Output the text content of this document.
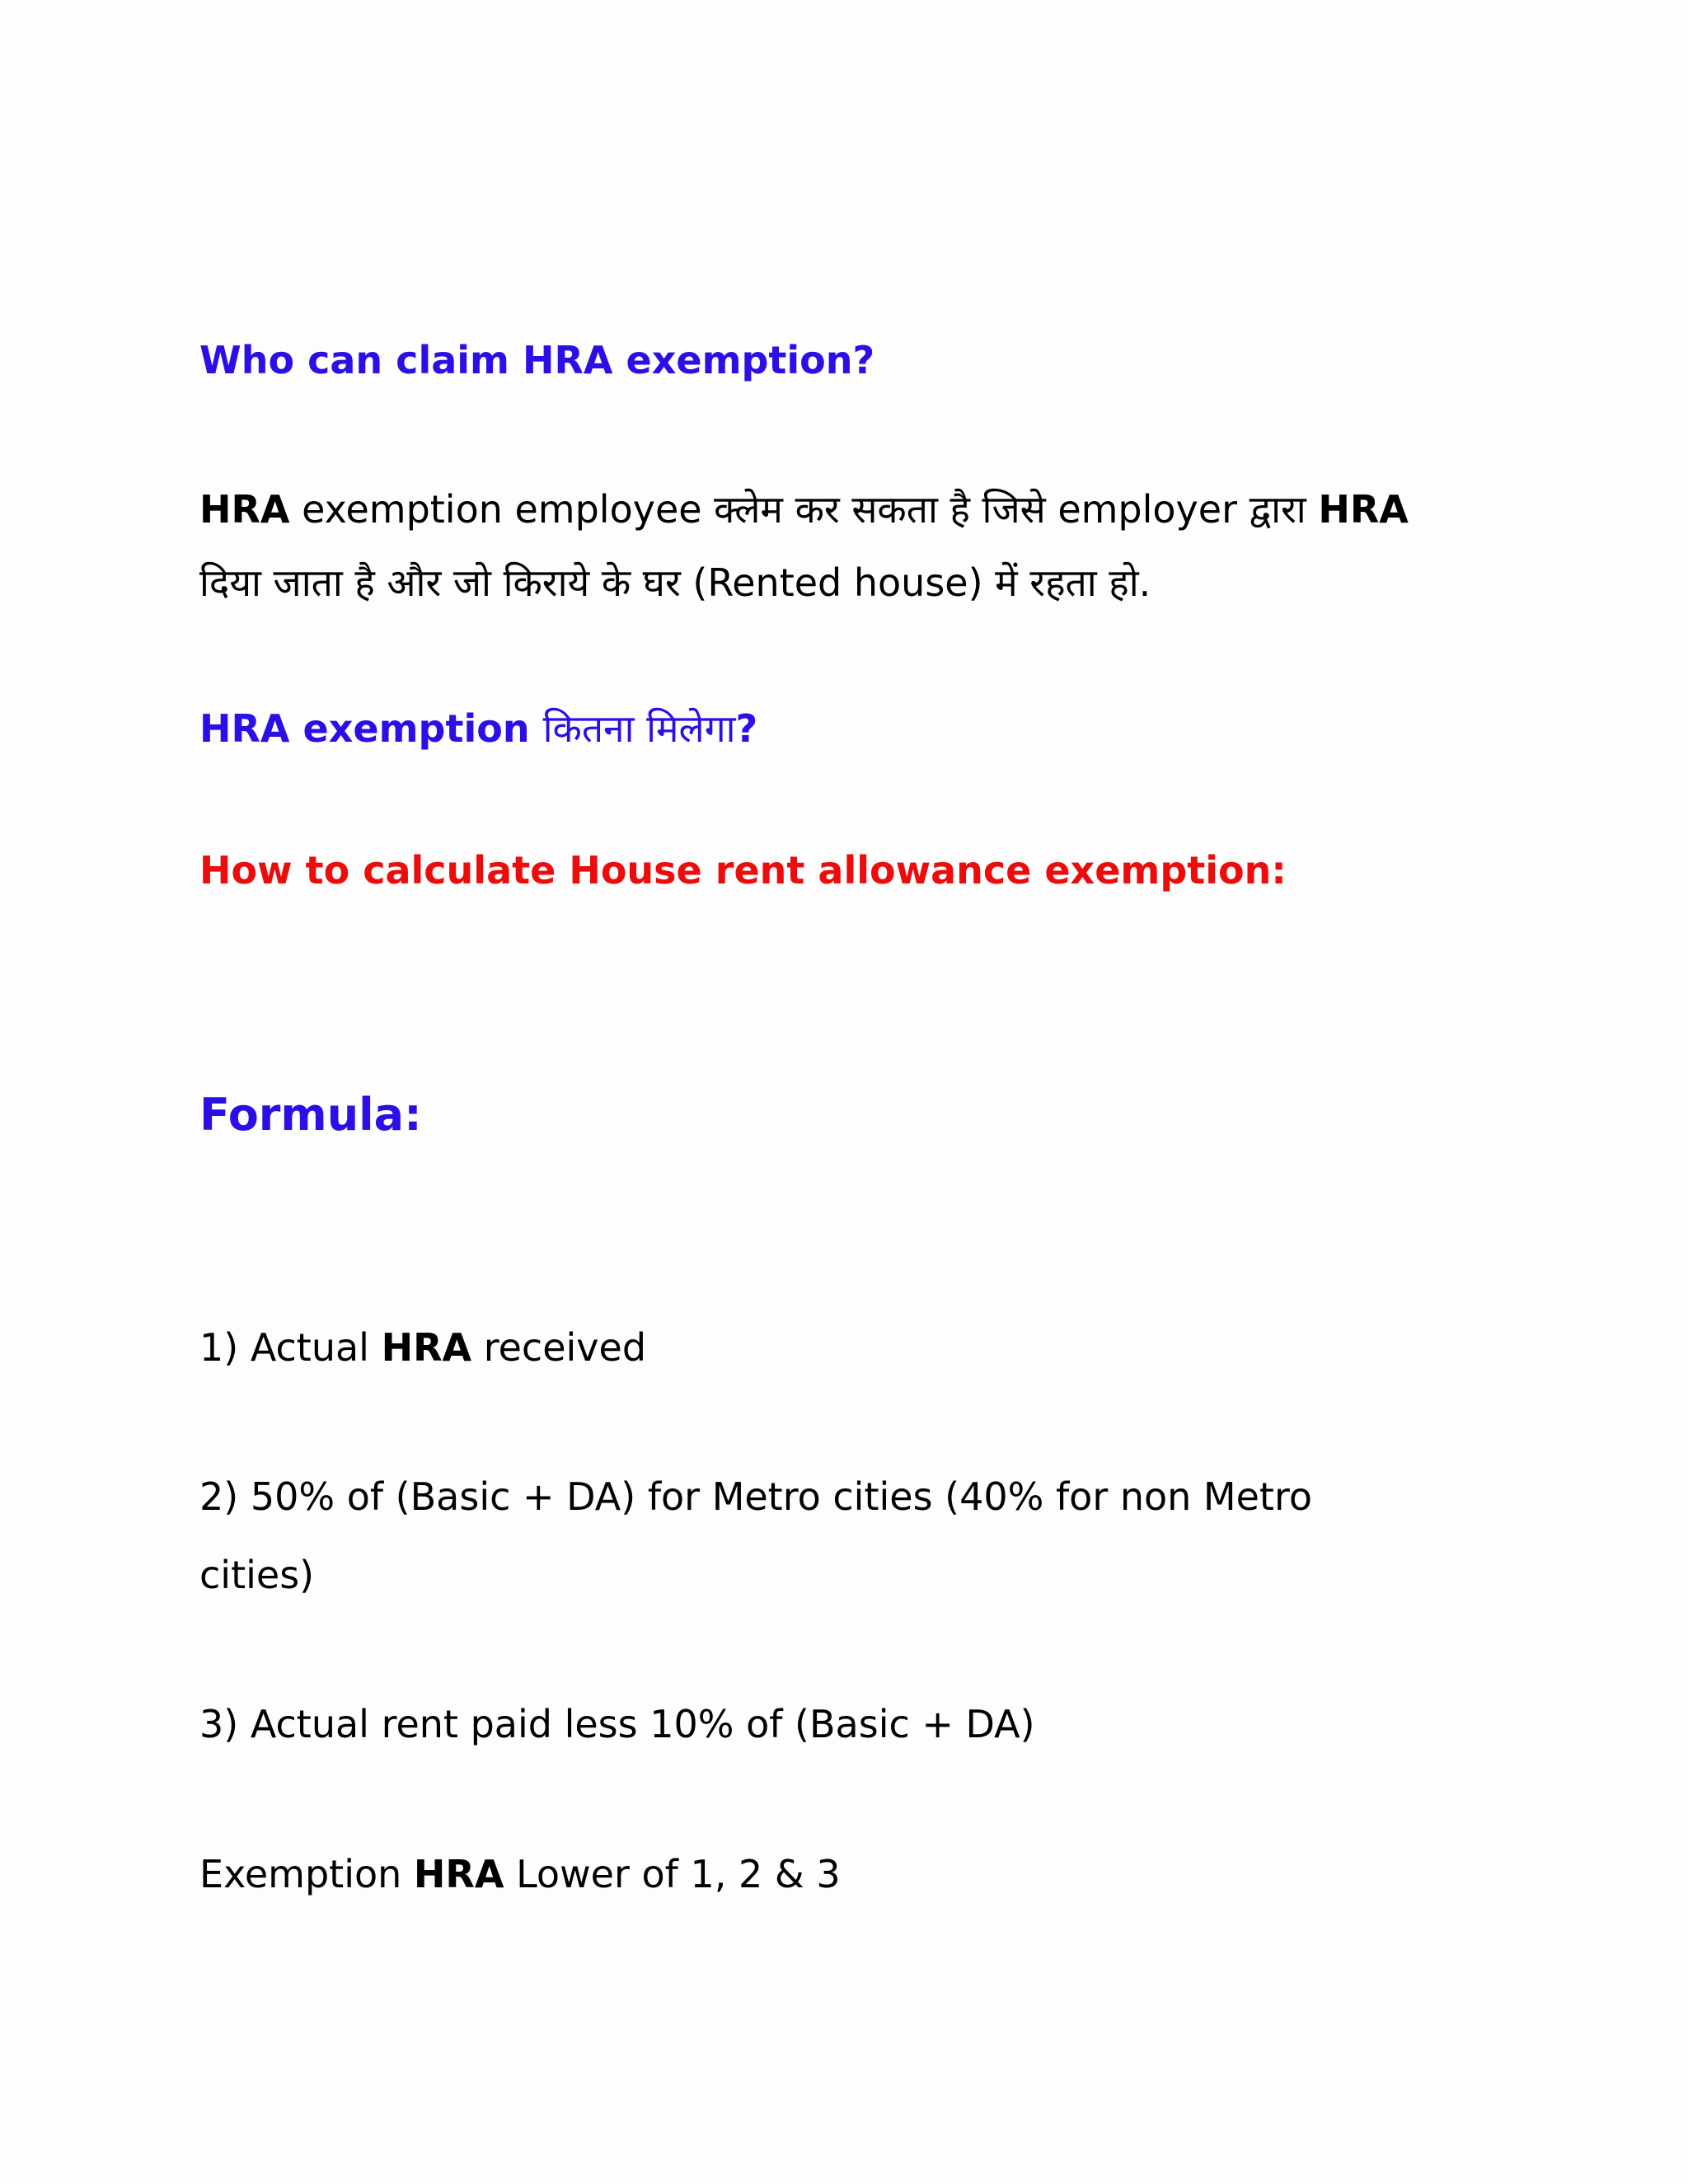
Who can claim HRA exemption?

HRA exemption employee क्लेम कर सकता है जिसे employer द्वारा HRA

दिया जाता है और जो किराये के घर (Rented house) में रहता हो.

HRA exemption कितना मिलेगा?

How to calculate House rent allowance exemption:

Formula:

1) Actual HRA received

2) 50% of (Basic + DA) for Metro cities (40% for non Metro

cities)

3) Actual rent paid less 10% of (Basic + DA)

Exemption HRA Lower of 1, 2 & 3
